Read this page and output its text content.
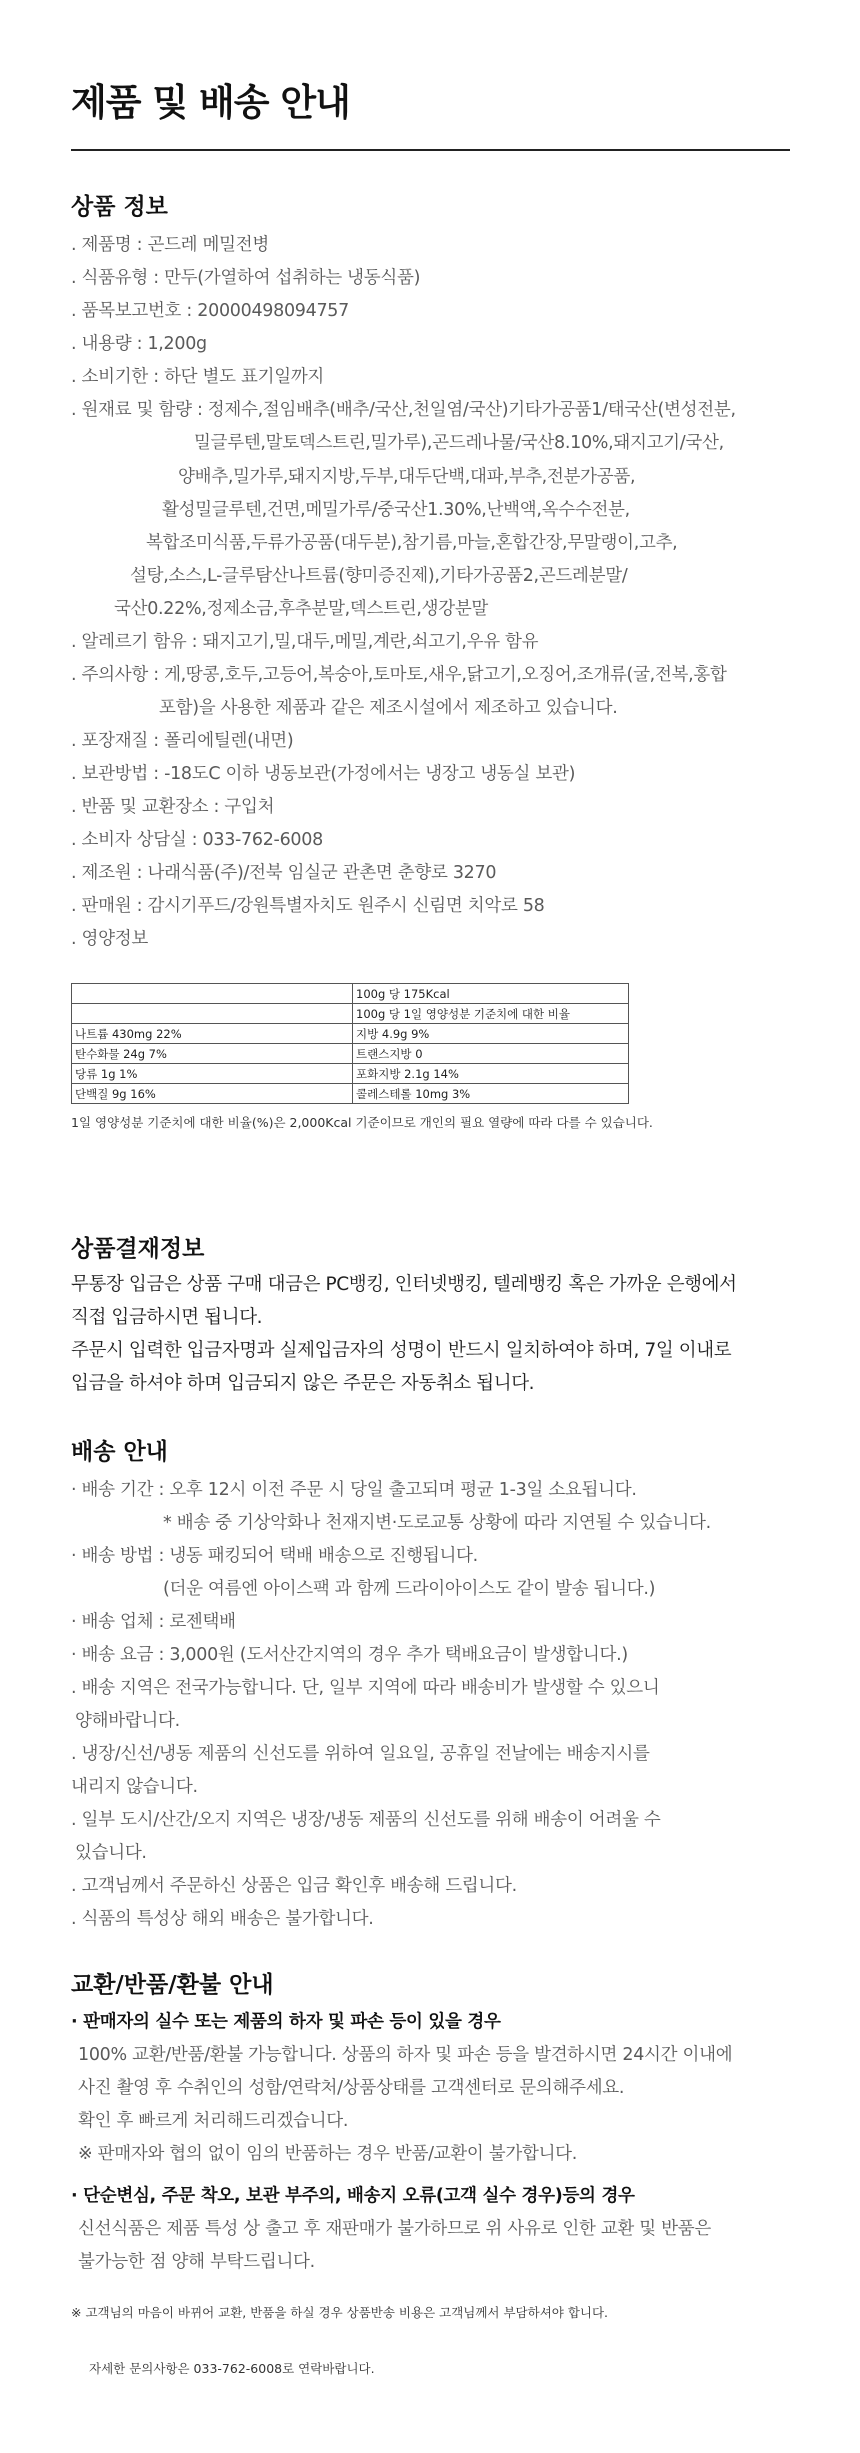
제품 및 배송 안내
상품 정보
. 제품명 : 곤드레 메밀전병
. 식품유형 : 만두(가열하여 섭취하는 냉동식품)
. 품목보고번호 : 20000498094757
. 내용량 : 1,200g
. 소비기한 : 하단 별도 표기일까지
. 원재료 및 함량 : 정제수,절임배추(배추/국산,천일염/국산)기타가공품1/태국산(변성전분,
밀글루텐,말토덱스트린,밀가루),곤드레나물/국산8.10%,돼지고기/국산,
양배추,밀가루,돼지지방,두부,대두단백,대파,부추,전분가공품,
활성밀글루텐,건면,메밀가루/중국산1.30%,난백액,옥수수전분,
복합조미식품,두류가공품(대두분),참기름,마늘,혼합간장,무말랭이,고추,
설탕,소스,L-글루탐산나트륨(향미증진제),기타가공품2,곤드레분말/
국산0.22%,정제소금,후추분말,덱스트린,생강분말
. 알레르기 함유 : 돼지고기,밀,대두,메밀,계란,쇠고기,우유 함유
. 주의사항 : 게,땅콩,호두,고등어,복숭아,토마토,새우,닭고기,오징어,조개류(굴,전복,홍합
포함)을 사용한 제품과 같은 제조시설에서 제조하고 있습니다.
. 포장재질 : 폴리에틸렌(내면)
. 보관방법 : -18도C 이하 냉동보관(가정에서는 냉장고 냉동실 보관)
. 반품 및 교환장소 : 구입처
. 소비자 상담실 : 033-762-6008
. 제조원 : 나래식품(주)/전북 임실군 관촌면 춘향로 3270
. 판매원 : 감시기푸드/강원특별자치도 원주시 신림면 치악로 58
. 영양정보
	100g 당 175Kcal
	100g 당 1일 영양성분 기준치에 대한 비율
나트륨 430mg 22%	지방 4.9g 9%
탄수화물 24g 7%	트랜스지방 0
당류 1g 1%	포화지방 2.1g 14%
단백질 9g 16%	콜레스테롤 10mg 3%
1일 영양성분 기준치에 대한 비율(%)은 2,000Kcal 기준이므로 개인의 필요 열량에 따라 다를 수 있습니다.
상품결재정보
무통장 입금은 상품 구매 대금은 PC뱅킹, 인터넷뱅킹, 텔레뱅킹 혹은 가까운 은행에서
직접 입금하시면 됩니다.
주문시 입력한 입금자명과 실제입금자의 성명이 반드시 일치하여야 하며, 7일 이내로
입금을 하셔야 하며 입금되지 않은 주문은 자동취소 됩니다.
배송 안내
· 배송 기간 : 오후 12시 이전 주문 시 당일 출고되며 평균 1-3일 소요됩니다.
* 배송 중 기상악화나 천재지변·도로교통 상황에 따라 지연될 수 있습니다.
· 배송 방법 : 냉동 패킹되어 택배 배송으로 진행됩니다.
(더운 여름엔 아이스팩 과 함께 드라이아이스도 같이 발송 됩니다.)
· 배송 업체 : 로젠택배
· 배송 요금 : 3,000원 (도서산간지역의 경우 추가 택배요금이 발생합니다.)
. 배송 지역은 전국가능합니다. 단, 일부 지역에 따라 배송비가 발생할 수 있으니
양해바랍니다.
. 냉장/신선/냉동 제품의 신선도를 위하여 일요일, 공휴일 전날에는 배송지시를
내리지 않습니다.
. 일부 도시/산간/오지 지역은 냉장/냉동 제품의 신선도를 위해 배송이 어려울 수
있습니다.
. 고객님께서 주문하신 상품은 입금 확인후 배송해 드립니다.
. 식품의 특성상 해외 배송은 불가합니다.
교환/반품/환불 안내
· 판매자의 실수 또는 제품의 하자 및 파손 등이 있을 경우
100% 교환/반품/환불 가능합니다. 상품의 하자 및 파손 등을 발견하시면 24시간 이내에
사진 촬영 후 수취인의 성함/연락처/상품상태를 고객센터로 문의해주세요.
확인 후 빠르게 처리해드리겠습니다.
※ 판매자와 협의 없이 임의 반품하는 경우 반품/교환이 불가합니다.
· 단순변심, 주문 착오, 보관 부주의, 배송지 오류(고객 실수 경우)등의 경우
신선식품은 제품 특성 상 출고 후 재판매가 불가하므로 위 사유로 인한 교환 및 반품은
불가능한 점 양해 부탁드립니다.
※ 고객님의 마음이 바뀌어 교환, 반품을 하실 경우 상품반송 비용은 고객님께서 부담하셔야 합니다.
자세한 문의사항은 033-762-6008로 연락바랍니다.
